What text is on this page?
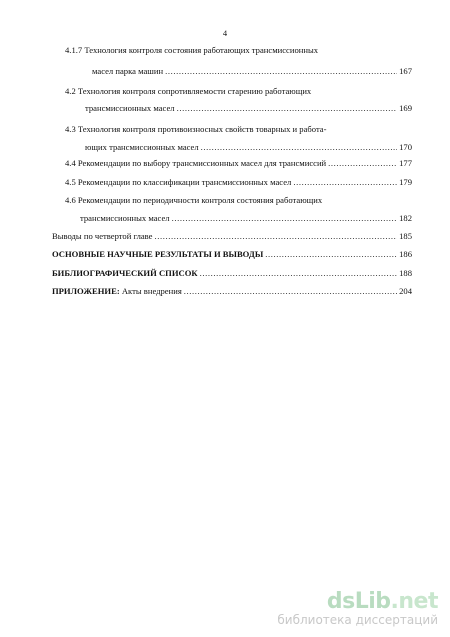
4
4.1.7 Технология контроля состояния работающих трансмиссионных
масел парка машин .....	167
4.2 Технология контроля сопротивляемости старению работающих
трансмиссионных масел .....	169
4.3 Технология контроля противоизносных свойств товарных и работа-
ющих трансмиссионных масел .....	170
4.4 Рекомендации по выбору трансмиссионных масел для трансмиссий .....	177
4.5 Рекомендации по классификации трансмиссионных масел .....	179
4.6 Рекомендации по периодичности контроля состояния работающих
трансмиссионных масел .....	182
Выводы по четвертой главе .....	185
ОСНОВНЫЕ НАУЧНЫЕ РЕЗУЛЬТАТЫ И ВЫВОДЫ .....	186
БИБЛИОГРАФИЧЕСКИЙ СПИСОК .....	188
ПРИЛОЖЕНИЕ: Акты внедрения .....	204
dsLib.net
библиотека диссертаций
